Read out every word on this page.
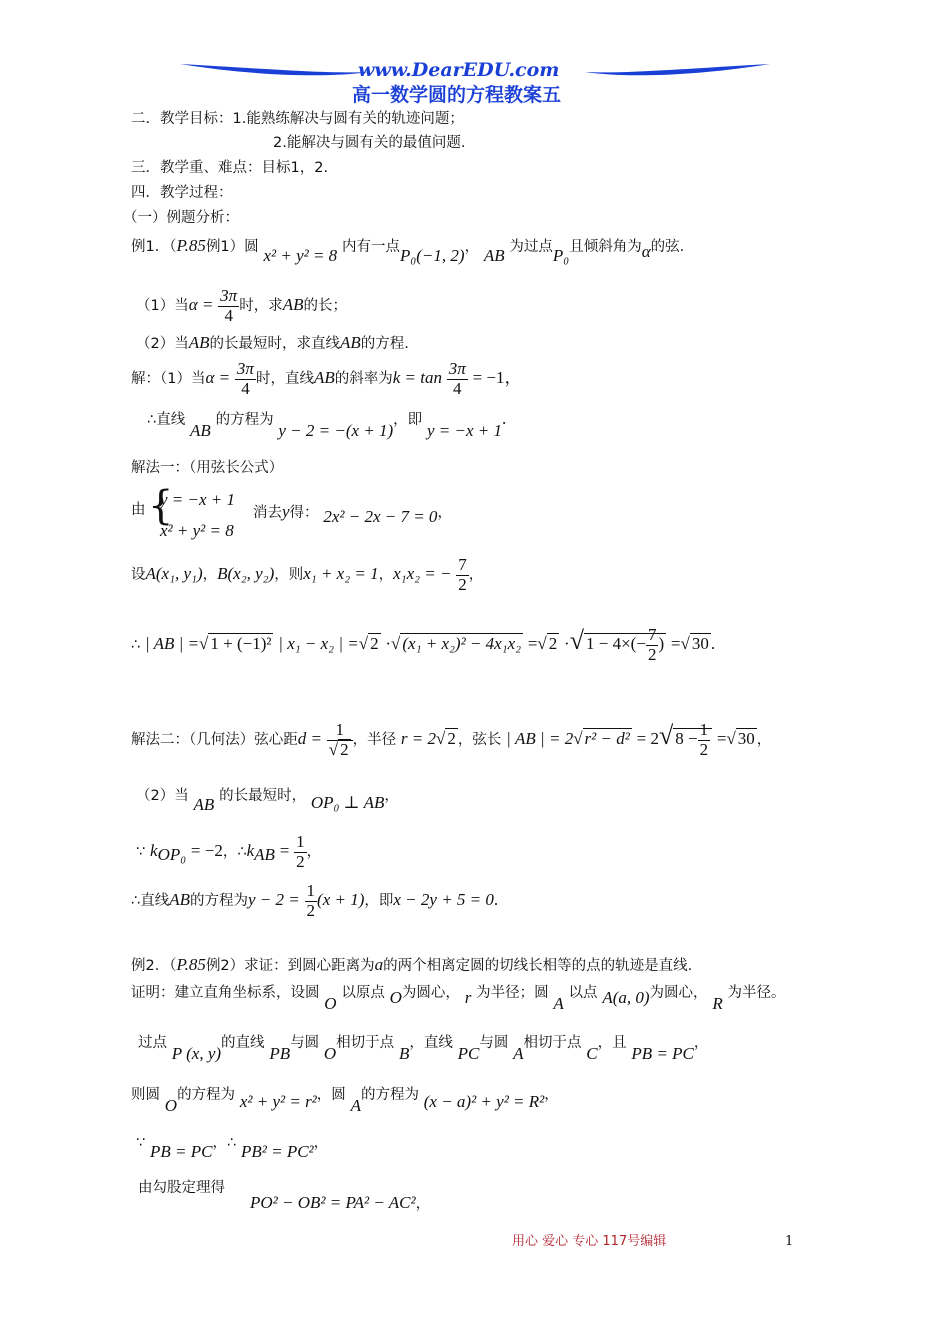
www.DearEDU.com
高一数学圆的方程教案五
二．教学目标：1.能熟练解决与圆有关的轨迹问题；
2.能解决与圆有关的最值问题.
三．教学重、难点：目标1，2.
四．教学过程：
（一）例题分析：
例1．（P.85例1）圆 x² + y² = 8 内有一点P₀(−1, 2)， AB 为过点P₀且倾斜角为α的弦.
（1）当$\alpha = \frac{3\pi}{4}$ 时，求AB的长；
（2）当AB的长最短时，求直线AB的方程.
解：（1）当$\alpha = \frac{3\pi}{4}$ 时，直线AB的斜率为$k = \tan \frac{3\pi}{4} = -1$，
∴直线 AB 的方程为 y − 2 = −(x + 1)，即 y = −x + 1.
解法一：（用弦长公式）
由 {
y = −x + 1
x² + y² = 8
消去y得： 2x² − 2x − 7 = 0，
设A(x₁, y₁)，B(x₂, y₂)，则x₁ + x₂ = 1，x₁x₂ = − $\frac{7}{2}$ ，
∴ | AB | =√ 1 + (−1)² | x₁ − x₂ | =√ 2 ·√ (x₁ + x₂)² − 4x₁x₂ =√ 2 ·√ $1 - 4\times(- \frac{7}{2}$ ) =√ 30 .
解法二：（几何法）弦心距$d = \frac{1}{√ 2}$ ，半径 r = 2√ 2 ，弦长 | AB | = 2√ r² − d² = 2√ $8 - \frac{1}{2}$ =√ 30 ，
（2）当 AB 的长最短时， OP₀ ⊥ AB，
∵ $k_{OP_0} = -2$，$\therefore k_{AB} = \frac{1}{2}$ ，
∴直线AB的方程为$y - 2 = \frac{1}{2} (x + 1)$，即x − 2y + 5 = 0.
例2．（P.85例2）求证：到圆心距离为a的两个相离定圆的切线长相等的点的轨迹是直线.
证明：建立直角坐标系，设圆 O 以原点 O为圆心， r 为半径；圆 A 以点 A(a, 0)为圆心， R 为半径。
过点 P (x, y)的直线 PB与圆 O相切于点 B，直线 PC与圆 A相切于点 C，且 PB = PC，
则圆 O的方程为 x² + y² = r²，圆 A的方程为 (x − a)² + y² = R²，
∵ PB = PC，∴ PB² = PC²，
由勾股定理得
PO² − OB² = PA² − AC²，
用心 爱心 专心 117号编辑	1
